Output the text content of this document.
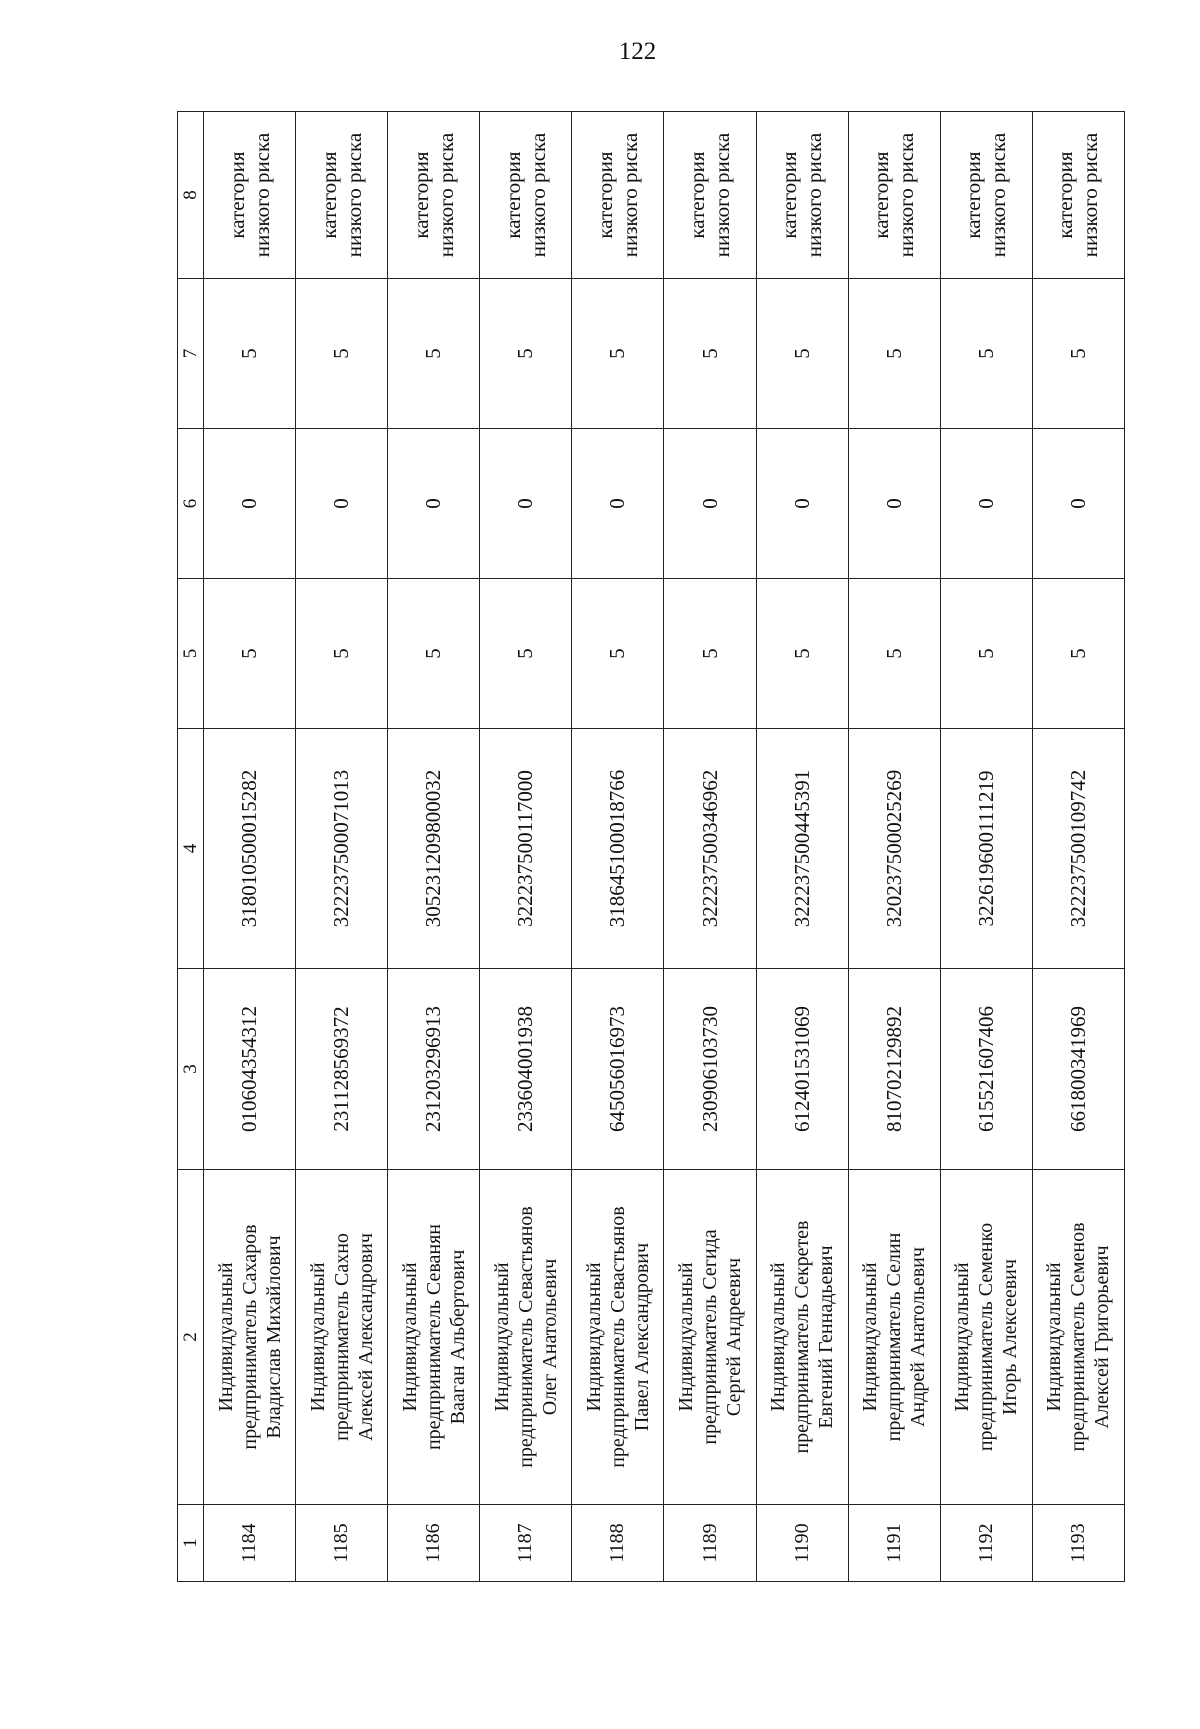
122
1	2	3	4	5	6	7	8
1184	Индивидуальный предприниматель Сахаров Владислав Михайлович	010604354312	318010500015282	5	0	5	категория низкого риска

1185	Индивидуальный предприниматель Сахно Алексей Александрович	231128569372	322237500071013	5	0	5	категория низкого риска

1186	Индивидуальный предприниматель Севанян Вааган Альбертович	231203296913	305231209800032	5	0	5	категория низкого риска

1187	Индивидуальный предприниматель Севастьянов Олег Анатольевич	233604001938	322237500117000	5	0	5	категория низкого риска

1188	Индивидуальный предприниматель Севастьянов Павел Александрович	645056016973	318645100018766	5	0	5	категория низкого риска

1189	Индивидуальный предприниматель Сегида Сергей Андреевич	230906103730	322237500346962	5	0	5	категория низкого риска

1190	Индивидуальный предприниматель Секретев Евгений Геннадьевич	612401531069	322237500445391	5	0	5	категория низкого риска

1191	Индивидуальный предприниматель Селин Андрей Анатольевич	810702129892	320237500025269	5	0	5	категория низкого риска

1192	Индивидуальный предприниматель Семенко Игорь Алексеевич	615521607406	322619600111219	5	0	5	категория низкого риска

1193	Индивидуальный предприниматель Семенов Алексей Григорьевич	661800341969	322237500109742	5	0	5	категория низкого риска
